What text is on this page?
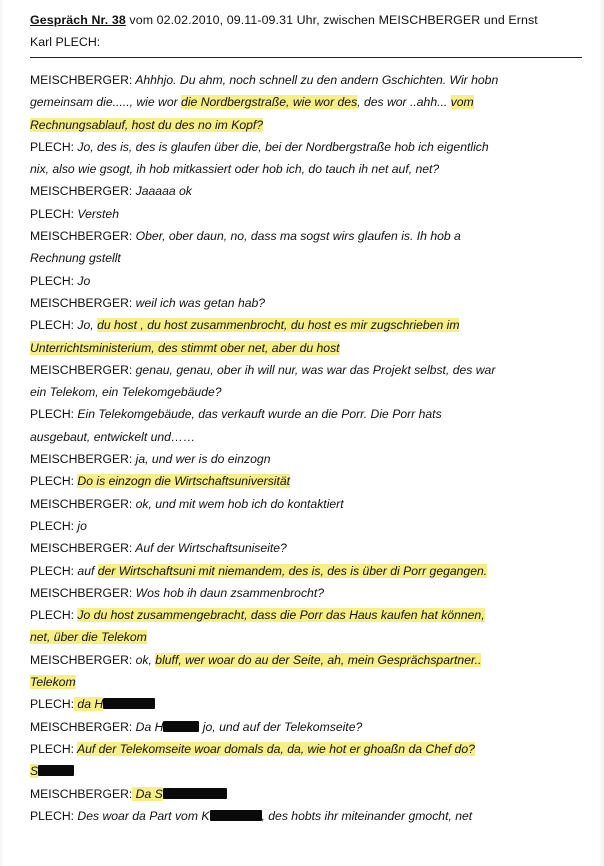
Gespräch Nr. 38 vom 02.02.2010, 09.11-09.31 Uhr, zwischen MEISCHBERGER und Ernst
Karl PLECH:
MEISCHBERGER: Ahhhjo. Du ahm, noch schnell zu den andern Gschichten. Wir hobn
gemeinsam die....., wie wor die Nordbergstraße, wie wor des, des wor ..ahh... vom
Rechnungsablauf, host du des no im Kopf?
PLECH: Jo, des is, des is glaufen über die, bei der Nordbergstraße hob ich eigentlich
nix, also wie gsogt, ih hob mitkassiert oder hob ich, do tauch ih net auf, net?
MEISCHBERGER: Jaaaaa ok
PLECH: Versteh
MEISCHBERGER: Ober, ober daun, no, dass ma sogst wirs glaufen is. Ih hob a
Rechnung gstellt
PLECH: Jo
MEISCHBERGER: weil ich was getan hab?
PLECH: Jo, du host , du host zusammenbrocht, du host es mir zugschrieben im
Unterrichtsministerium, des stimmt ober net, aber du host
MEISCHBERGER: genau, genau, ober ih will nur, was war das Projekt selbst, des war
ein Telekom, ein Telekomgebäude?
PLECH: Ein Telekomgebäude, das verkauft wurde an die Porr. Die Porr hats
ausgebaut, entwickelt und……
MEISCHBERGER: ja, und wer is do einzogn
PLECH: Do is einzogn die Wirtschaftsuniversität
MEISCHBERGER: ok, und mit wem hob ich do kontaktiert
PLECH: jo
MEISCHBERGER: Auf der Wirtschaftsuniseite?
PLECH: auf der Wirtschaftsuni mit niemandem, des is, des is über di Porr gegangen.
MEISCHBERGER: Wos hob ih daun zsammenbrocht?
PLECH: Jo du host zusammengebracht, dass die Porr das Haus kaufen hat können,
net, über die Telekom
MEISCHBERGER: ok, bluff, wer woar do au der Seite, ah, mein Gesprächspartner..
Telekom
PLECH: da H
MEISCHBERGER: Da H	jo, und auf der Telekomseite?
PLECH: Auf der Telekomseite woar domals da, da, wie hot er ghoaßn da Chef do?
S
MEISCHBERGER: Da S
PLECH: Des woar da Part vom K	, des hobts ihr miteinander gmocht, net
